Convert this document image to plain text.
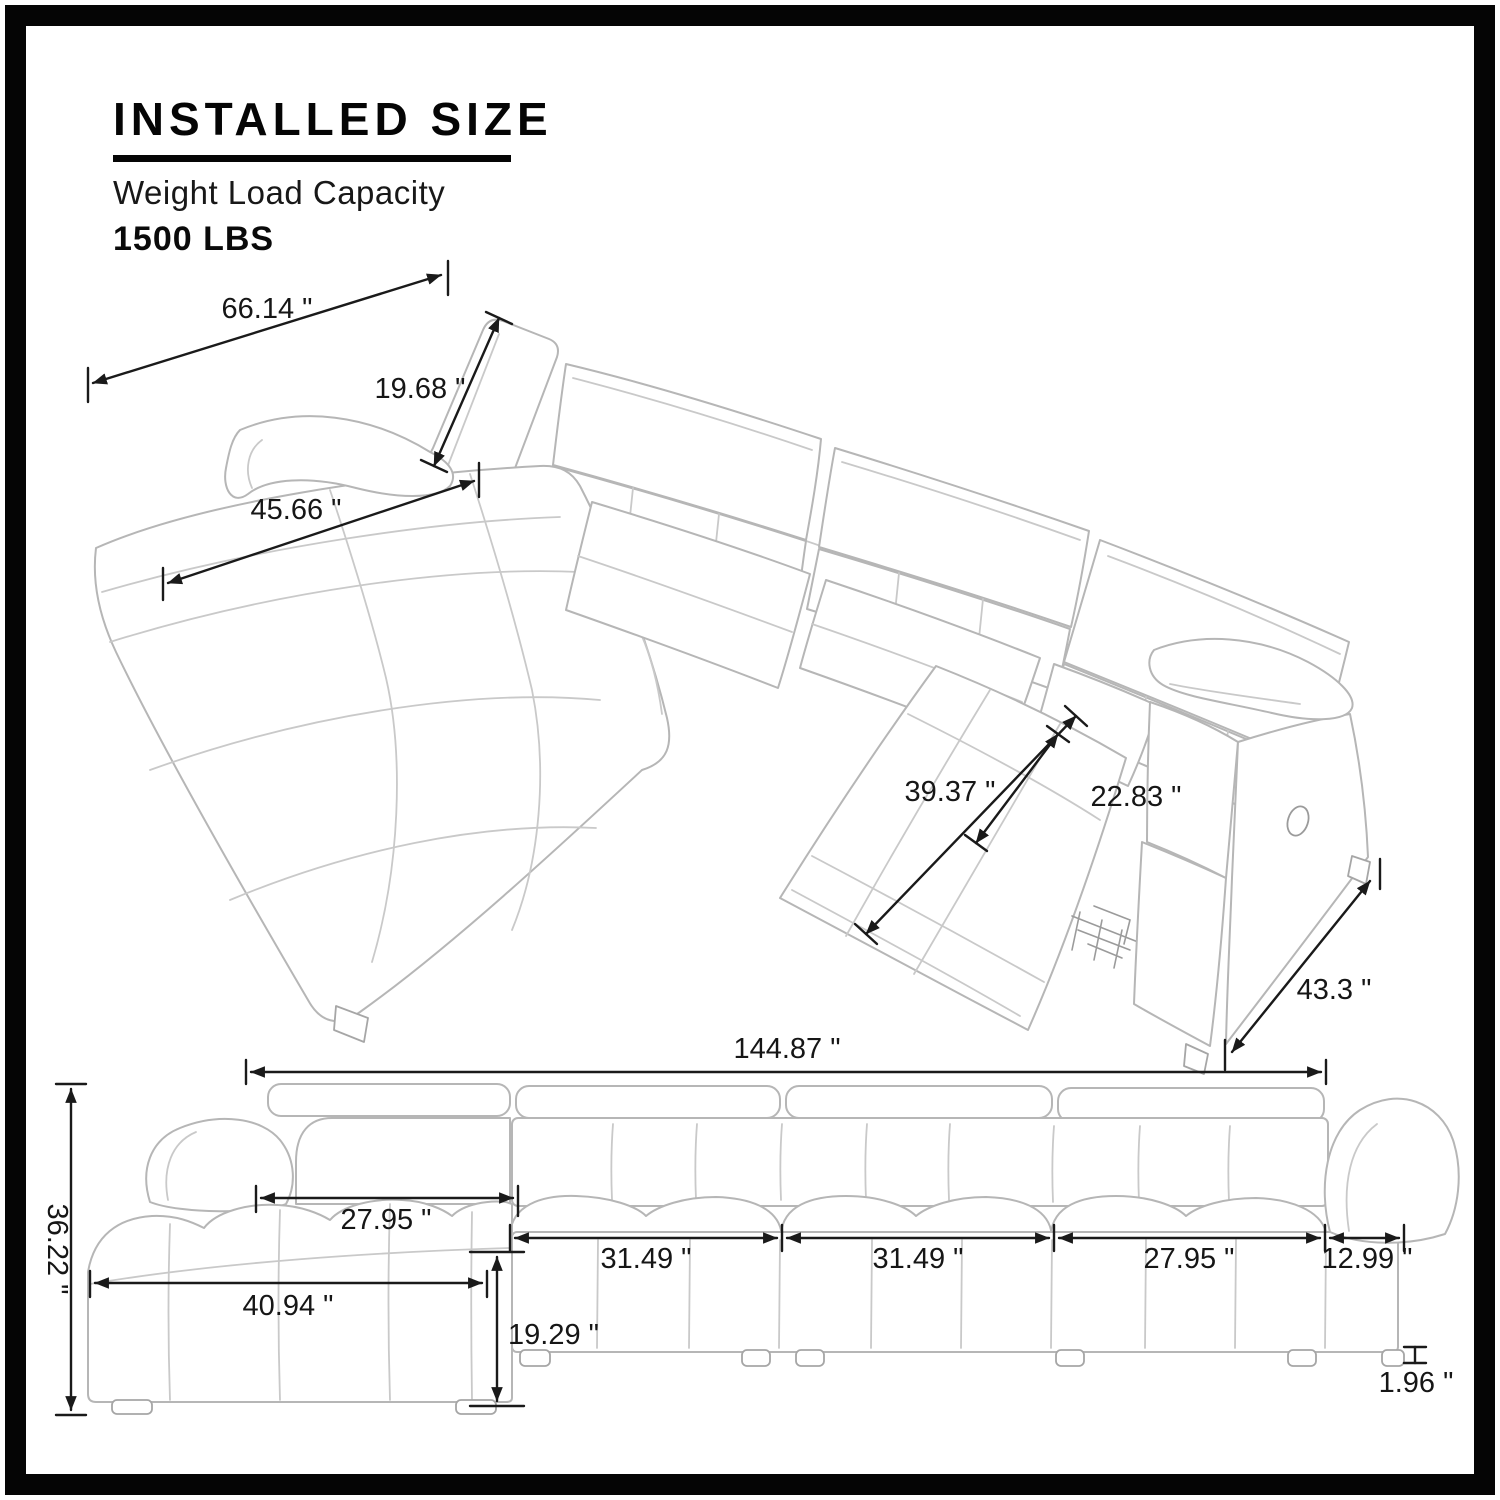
INSTALLED SIZE
Weight Load Capacity
1500 LBS
66.14 "
19.68 "
45.66 "
39.37 "	22.83 "
43.3 "
144.87 "
36.22 "	27.95 "
40.94 "
19.29 "
31.49 "	31.49 "	27.95 "	12.99 "
1.96 "
